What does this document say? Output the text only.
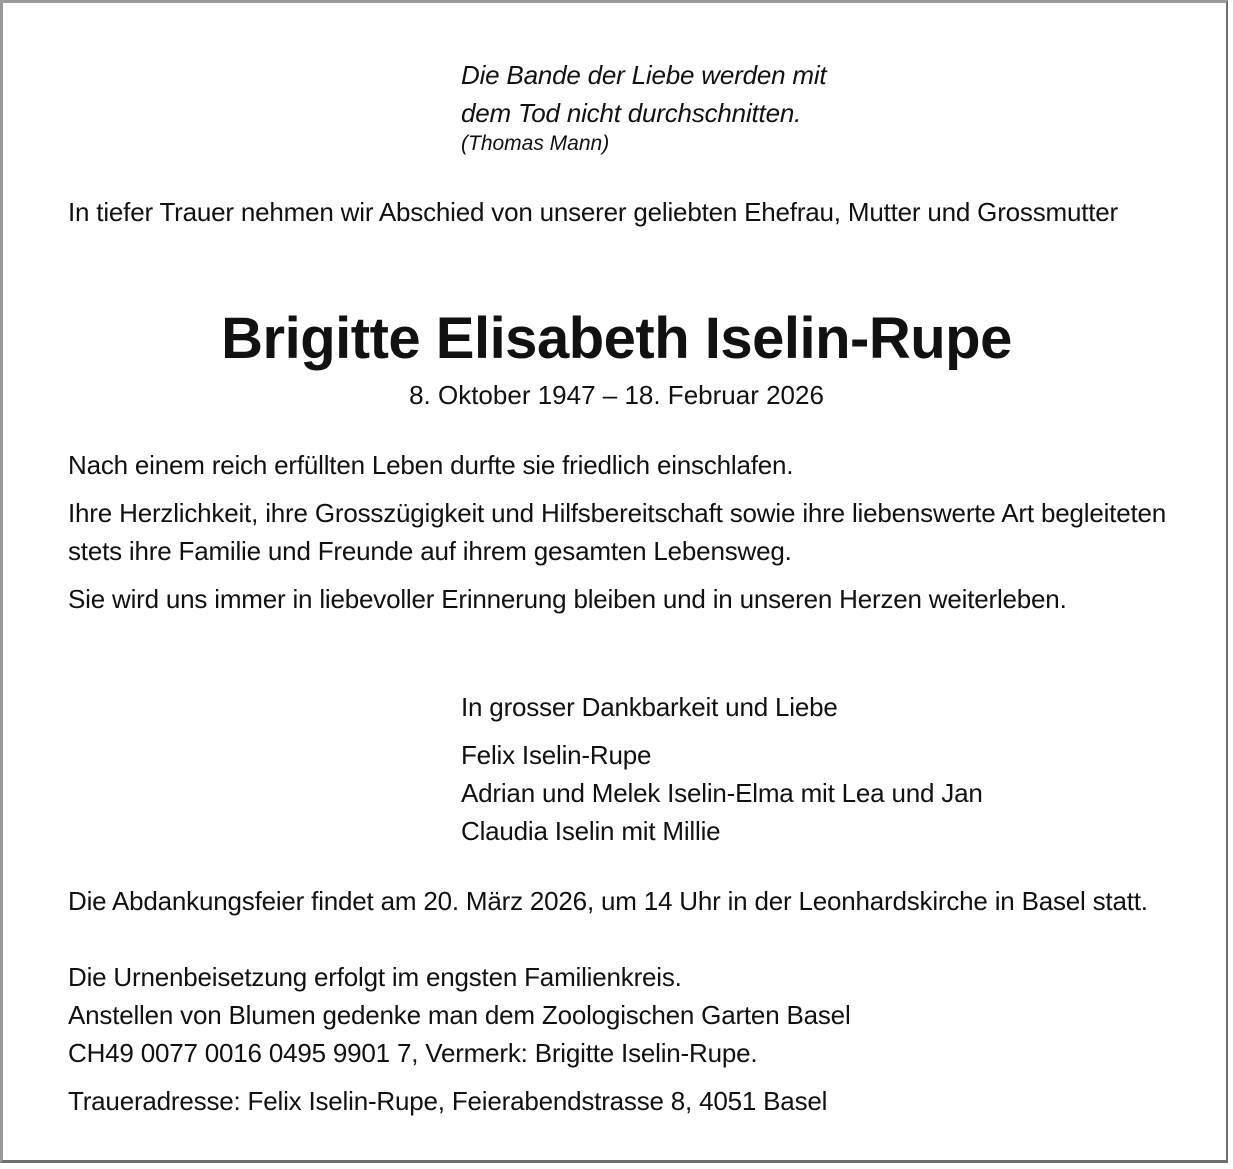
Die Bande der Liebe werden mit
dem Tod nicht durchschnitten.
(Thomas Mann)
In tiefer Trauer nehmen wir Abschied von unserer geliebten Ehefrau, Mutter und Grossmutter
Brigitte Elisabeth Iselin-Rupe
8. Oktober 1947 – 18. Februar 2026
Nach einem reich erfüllten Leben durfte sie friedlich einschlafen.
Ihre Herzlichkeit, ihre Grosszügigkeit und Hilfsbereitschaft sowie ihre liebenswerte Art begleiteten stets ihre Familie und Freunde auf ihrem gesamten Lebensweg.
Sie wird uns immer in liebevoller Erinnerung bleiben und in unseren Herzen weiterleben.
In grosser Dankbarkeit und Liebe
Felix Iselin-Rupe
Adrian und Melek Iselin-Elma mit Lea und Jan
Claudia Iselin mit Millie
Die Abdankungsfeier findet am 20. März 2026, um 14 Uhr in der Leonhardskirche in Basel statt.
Die Urnenbeisetzung erfolgt im engsten Familienkreis.
Anstellen von Blumen gedenke man dem Zoologischen Garten Basel
CH49 0077 0016 0495 9901 7, Vermerk: Brigitte Iselin-Rupe.
Traueradresse: Felix Iselin-Rupe, Feierabendstrasse 8, 4051 Basel
